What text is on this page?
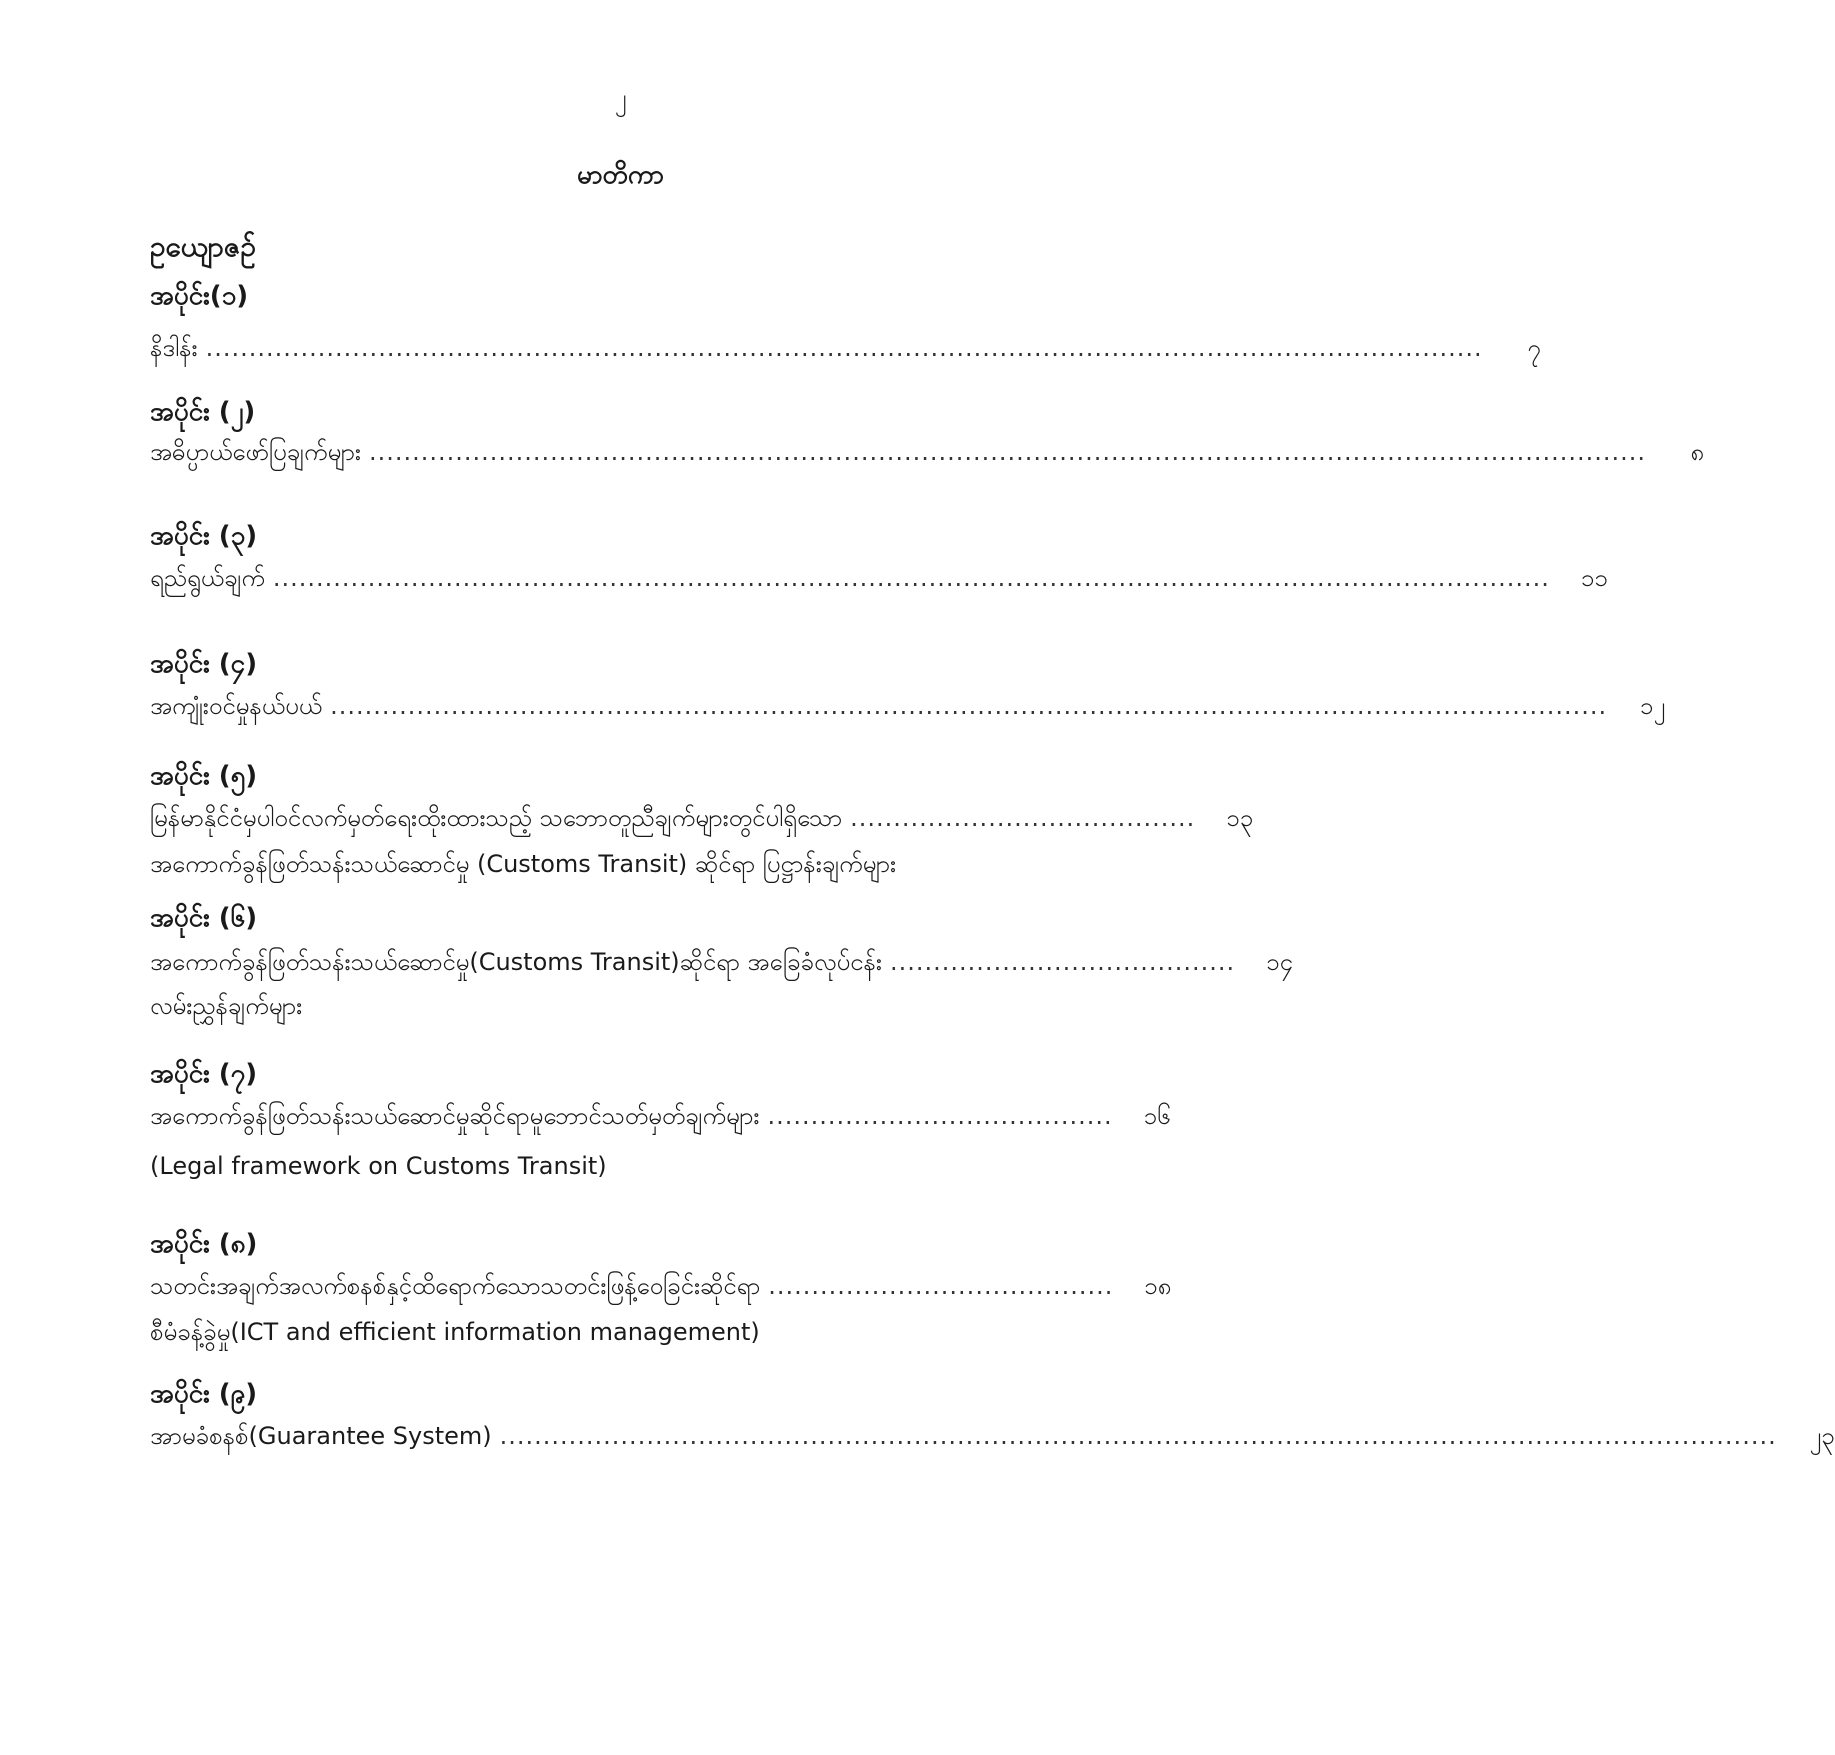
၂
မာတိကာ
ဥယျောဇဉ်
အပိုင်း(၁)
နိဒါန်း ....................................................................................................................................................	၇
အပိုင်း (၂)
အဓိပ္ပာယ်ဖော်ပြချက်များ ....................................................................................................................................................	၈
အပိုင်း (၃)
ရည်ရွယ်ချက် ....................................................................................................................................................	၁၁
အပိုင်း (၄)
အကျုံးဝင်မှုနယ်ပယ် ....................................................................................................................................................	၁၂
အပိုင်း (၅)
မြန်မာနိုင်ငံမှပါဝင်လက်မှတ်ရေးထိုးထားသည့် သဘောတူညီချက်များတွင်ပါရှိသော ........................................	၁၃
အကောက်ခွန်ဖြတ်သန်းသယ်ဆောင်မှု (Customs Transit) ဆိုင်ရာ ပြဋ္ဌာန်းချက်များ
အပိုင်း (၆)
အကောက်ခွန်ဖြတ်သန်းသယ်ဆောင်မှု(Customs Transit)ဆိုင်ရာ အခြေခံလုပ်ငန်း ........................................	၁၄
လမ်းညွှန်ချက်များ
အပိုင်း (၇)
အကောက်ခွန်ဖြတ်သန်းသယ်ဆောင်မှုဆိုင်ရာမူဘောင်သတ်မှတ်ချက်များ ........................................	၁၆
(Legal framework on Customs Transit)
အပိုင်း (၈)
သတင်းအချက်အလက်စနစ်နှင့်ထိရောက်သောသတင်းဖြန့်ဝေခြင်းဆိုင်ရာ ........................................	၁၈
စီမံခန့်ခွဲမှု(ICT and efficient information management)
အပိုင်း (၉)
အာမခံစနစ်(Guarantee System) ....................................................................................................................................................	၂၃
